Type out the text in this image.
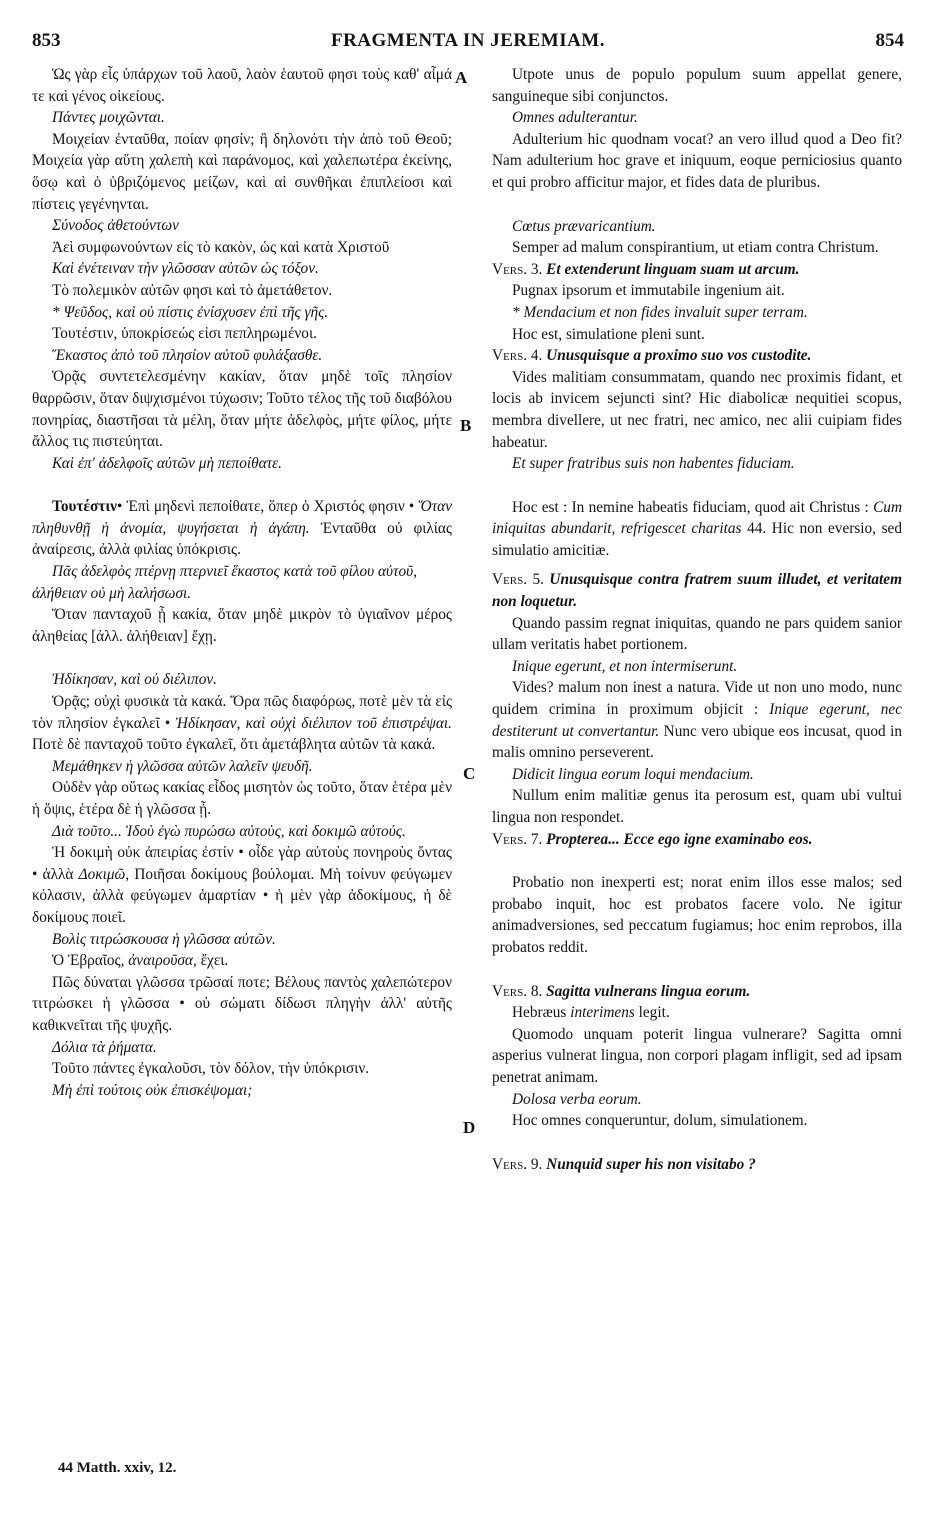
853	FRAGMENTA IN JEREMIAM.	854
A
B
C
D

Ὡς γὰρ εἷς ὑπάρχων τοῦ λαοῦ, λαὸν ἑαυτοῦ φησι τοὺς καθ' αἷμά τε καὶ γένος οἰκείους.

Πάντες μοιχῶνται.

Μοιχείαν ἐνταῦθα, ποίαν φησίν; ἢ δηλονότι τὴν ἀπὸ τοῦ Θεοῦ; Μοιχεία γὰρ αὕτη χαλεπὴ καὶ παράνομος, καὶ χαλεπωτέρα ἐκείνης, ὅσῳ καὶ ὁ ὑβριζόμενος μείζων, καὶ αἱ συνθῆκαι ἐπιπλείοσι καὶ πίστεις γεγένηνται.

Σύνοδος ἀθετούντων

Ἀεὶ συμφωνούντων εἰς τὸ κακὸν, ὡς καὶ κατὰ Χριστοῦ

Καὶ ἐνέτειναν τὴν γλῶσσαν αὐτῶν ὡς τόξον.

Τὸ πολεμικὸν αὐτῶν φησι καὶ τὸ ἀμετάθετον.

* Ψεῦδος, καὶ οὐ πίστις ἐνίσχυσεν ἐπὶ τῆς γῆς.

Τουτέστιν, ὑποκρίσεώς εἰσι πεπληρωμένοι.

Ἕκαστος ἀπὸ τοῦ πλησίον αὐτοῦ φυλάξασθε.

Ὁρᾷς συντετελεσμένην κακίαν, ὅταν μηδὲ τοῖς πλησίον θαρρῶσιν, ὅταν διψχισμένοι τύχωσιν; Τοῦτο τέλος τῆς τοῦ διαβόλου πονηρίας, διαστῆσαι τὰ μέλη, ὅταν μήτε ἀδελφὸς, μήτε φίλος, μήτε ἄλλος τις πιστεύηται.

Καὶ ἐπ' ἀδελφοῖς αὐτῶν μὴ πεποίθατε.

Τουτέστιν• Ἐπὶ μηδενὶ πεποίθατε, ὅπερ ὁ Χριστός φησιν • Ὅταν πληθυνθῇ ἡ ἀνομία, ψυγήσεται ἡ ἀγάπη. Ἐνταῦθα οὐ φιλίας ἀναίρεσις, ἀλλὰ φιλίας ὑπόκρισις.

Πᾶς ἀδελφὸς πτέρνῃ πτερνιεῖ ἕκαστος κατὰ τοῦ φίλου αὐτοῦ, ἀλήθειαν οὐ μὴ λαλήσωσι.

Ὅταν πανταχοῦ ᾖ κακία, ὅταν μηδὲ μικρὸν τὸ ὑγιαῖνον μέρος ἀληθείας [ἀλλ. ἀλήθειαν] ἔχῃ.

Ἠδίκησαν, καὶ οὐ διέλιπον.

Ὁρᾷς; οὐχὶ φυσικὰ τὰ κακά. Ὅρα πῶς διαφόρως, ποτὲ μὲν τὰ εἰς τὸν πλησίον ἐγκαλεῖ • Ἠδίκησαν, καὶ οὐχὶ διέλιπον τοῦ ἐπιστρέψαι. Ποτὲ δὲ πανταχοῦ τοῦτο ἐγκαλεῖ, ὅτι ἀμετάβλητα αὐτῶν τὰ κακά.

Μεμάθηκεν ἡ γλῶσσα αὐτῶν λαλεῖν ψευδῆ.

Οὐδὲν γὰρ οὕτως κακίας εἶδος μισητὸν ὡς τοῦτο, ὅταν ἑτέρα μὲν ἡ ὄψις, ἑτέρα δὲ ἡ γλῶσσα ᾖ.

Διὰ τοῦτο... Ἰδοὺ ἐγὼ πυρώσω αὐτοὺς, καὶ δοκιμῶ αὐτούς.

Ἡ δοκιμὴ οὐκ ἀπειρίας ἐστίν • οἶδε γὰρ αὐτοὺς πονηροὺς ὄντας • ἀλλὰ Δοκιμῶ, Ποιῆσαι δοκίμους βούλομαι. Μὴ τοίνυν φεύγωμεν κόλασιν, ἀλλὰ φεύγωμεν ἁμαρτίαν • ἡ μὲν γὰρ ἀδοκίμους, ἡ δὲ δοκίμους ποιεῖ.

Βολὶς τιτρώσκουσα ἡ γλῶσσα αὐτῶν.

Ὁ Ἑβραῖος, ἀναιροῦσα, ἔχει.

Πῶς δύναται γλῶσσα τρῶσαί ποτε; Βέλους παντὸς χαλεπώτερον τιτρώσκει ἡ γλῶσσα • οὐ σώματι δίδωσι πληγὴν ἀλλ' αὐτῆς καθικνεῖται τῆς ψυχῆς.

Δόλια τὰ ῥήματα.

Τοῦτο πάντες ἐγκαλοῦσι, τὸν δόλον, τὴν ὑπόκρισιν.

Μὴ ἐπὶ τούτοις οὐκ ἐπισκέψομαι;

Utpote unus de populo populum suum appellat genere, sanguineque sibi conjunctos.

Omnes adulterantur.

Adulterium hic quodnam vocat? an vero illud quod a Deo fit? Nam adulterium hoc grave et iniquum, eoque perniciosius quanto et qui probro afficitur major, et fides data de pluribus.

Cœtus prævaricantium.

Semper ad malum conspirantium, ut etiam contra Christum.

Vers. 3. Et extenderunt linguam suam ut arcum.

Pugnax ipsorum et immutabile ingenium ait.

* Mendacium et non fides invaluit super terram.

Hoc est, simulatione pleni sunt.

Vers. 4. Unusquisque a proximo suo vos custodite.

Vides malitiam consummatam, quando nec proximis fidant, et locis ab invicem sejuncti sint? Hic diabolicæ nequitiei scopus, membra divellere, ut nec fratri, nec amico, nec alii cuipiam fides habeatur.

Et super fratribus suis non habentes fiduciam.

Hoc est : In nemine habeatis fiduciam, quod ait Christus : Cum iniquitas abundarit, refrigescet charitas 44. Hic non eversio, sed simulatio amicitiæ.

Vers. 5. Unusquisque contra fratrem suum illudet, et veritatem non loquetur.

Quando passim regnat iniquitas, quando ne pars quidem sanior ullam veritatis habet portionem.

Inique egerunt, et non intermiserunt.

Vides? malum non inest a natura. Vide ut non uno modo, nunc quidem crimina in proximum objicit : Inique egerunt, nec destiterunt ut convertantur. Nunc vero ubique eos incusat, quod in malis omnino perseverent.

Didicit lingua eorum loqui mendacium.

Nullum enim malitiæ genus ita perosum est, quam ubi vultui lingua non respondet.

Vers. 7. Propterea... Ecce ego igne examinabo eos.

Probatio non inexperti est; norat enim illos esse malos; sed probabo inquit, hoc est probatos facere volo. Ne igitur animadversiones, sed peccatum fugiamus; hoc enim reprobos, illa probatos reddit.

Vers. 8. Sagitta vulnerans lingua eorum.

Hebræus interimens legit.

Quomodo unquam poterit lingua vulnerare? Sagitta omni asperius vulnerat lingua, non corpori plagam infligit, sed ad ipsam penetrat animam.

Dolosa verba eorum.

Hoc omnes conqueruntur, dolum, simulationem.

Vers. 9. Nunquid super his non visitabo ?

44 Matth. xxiv, 12.
